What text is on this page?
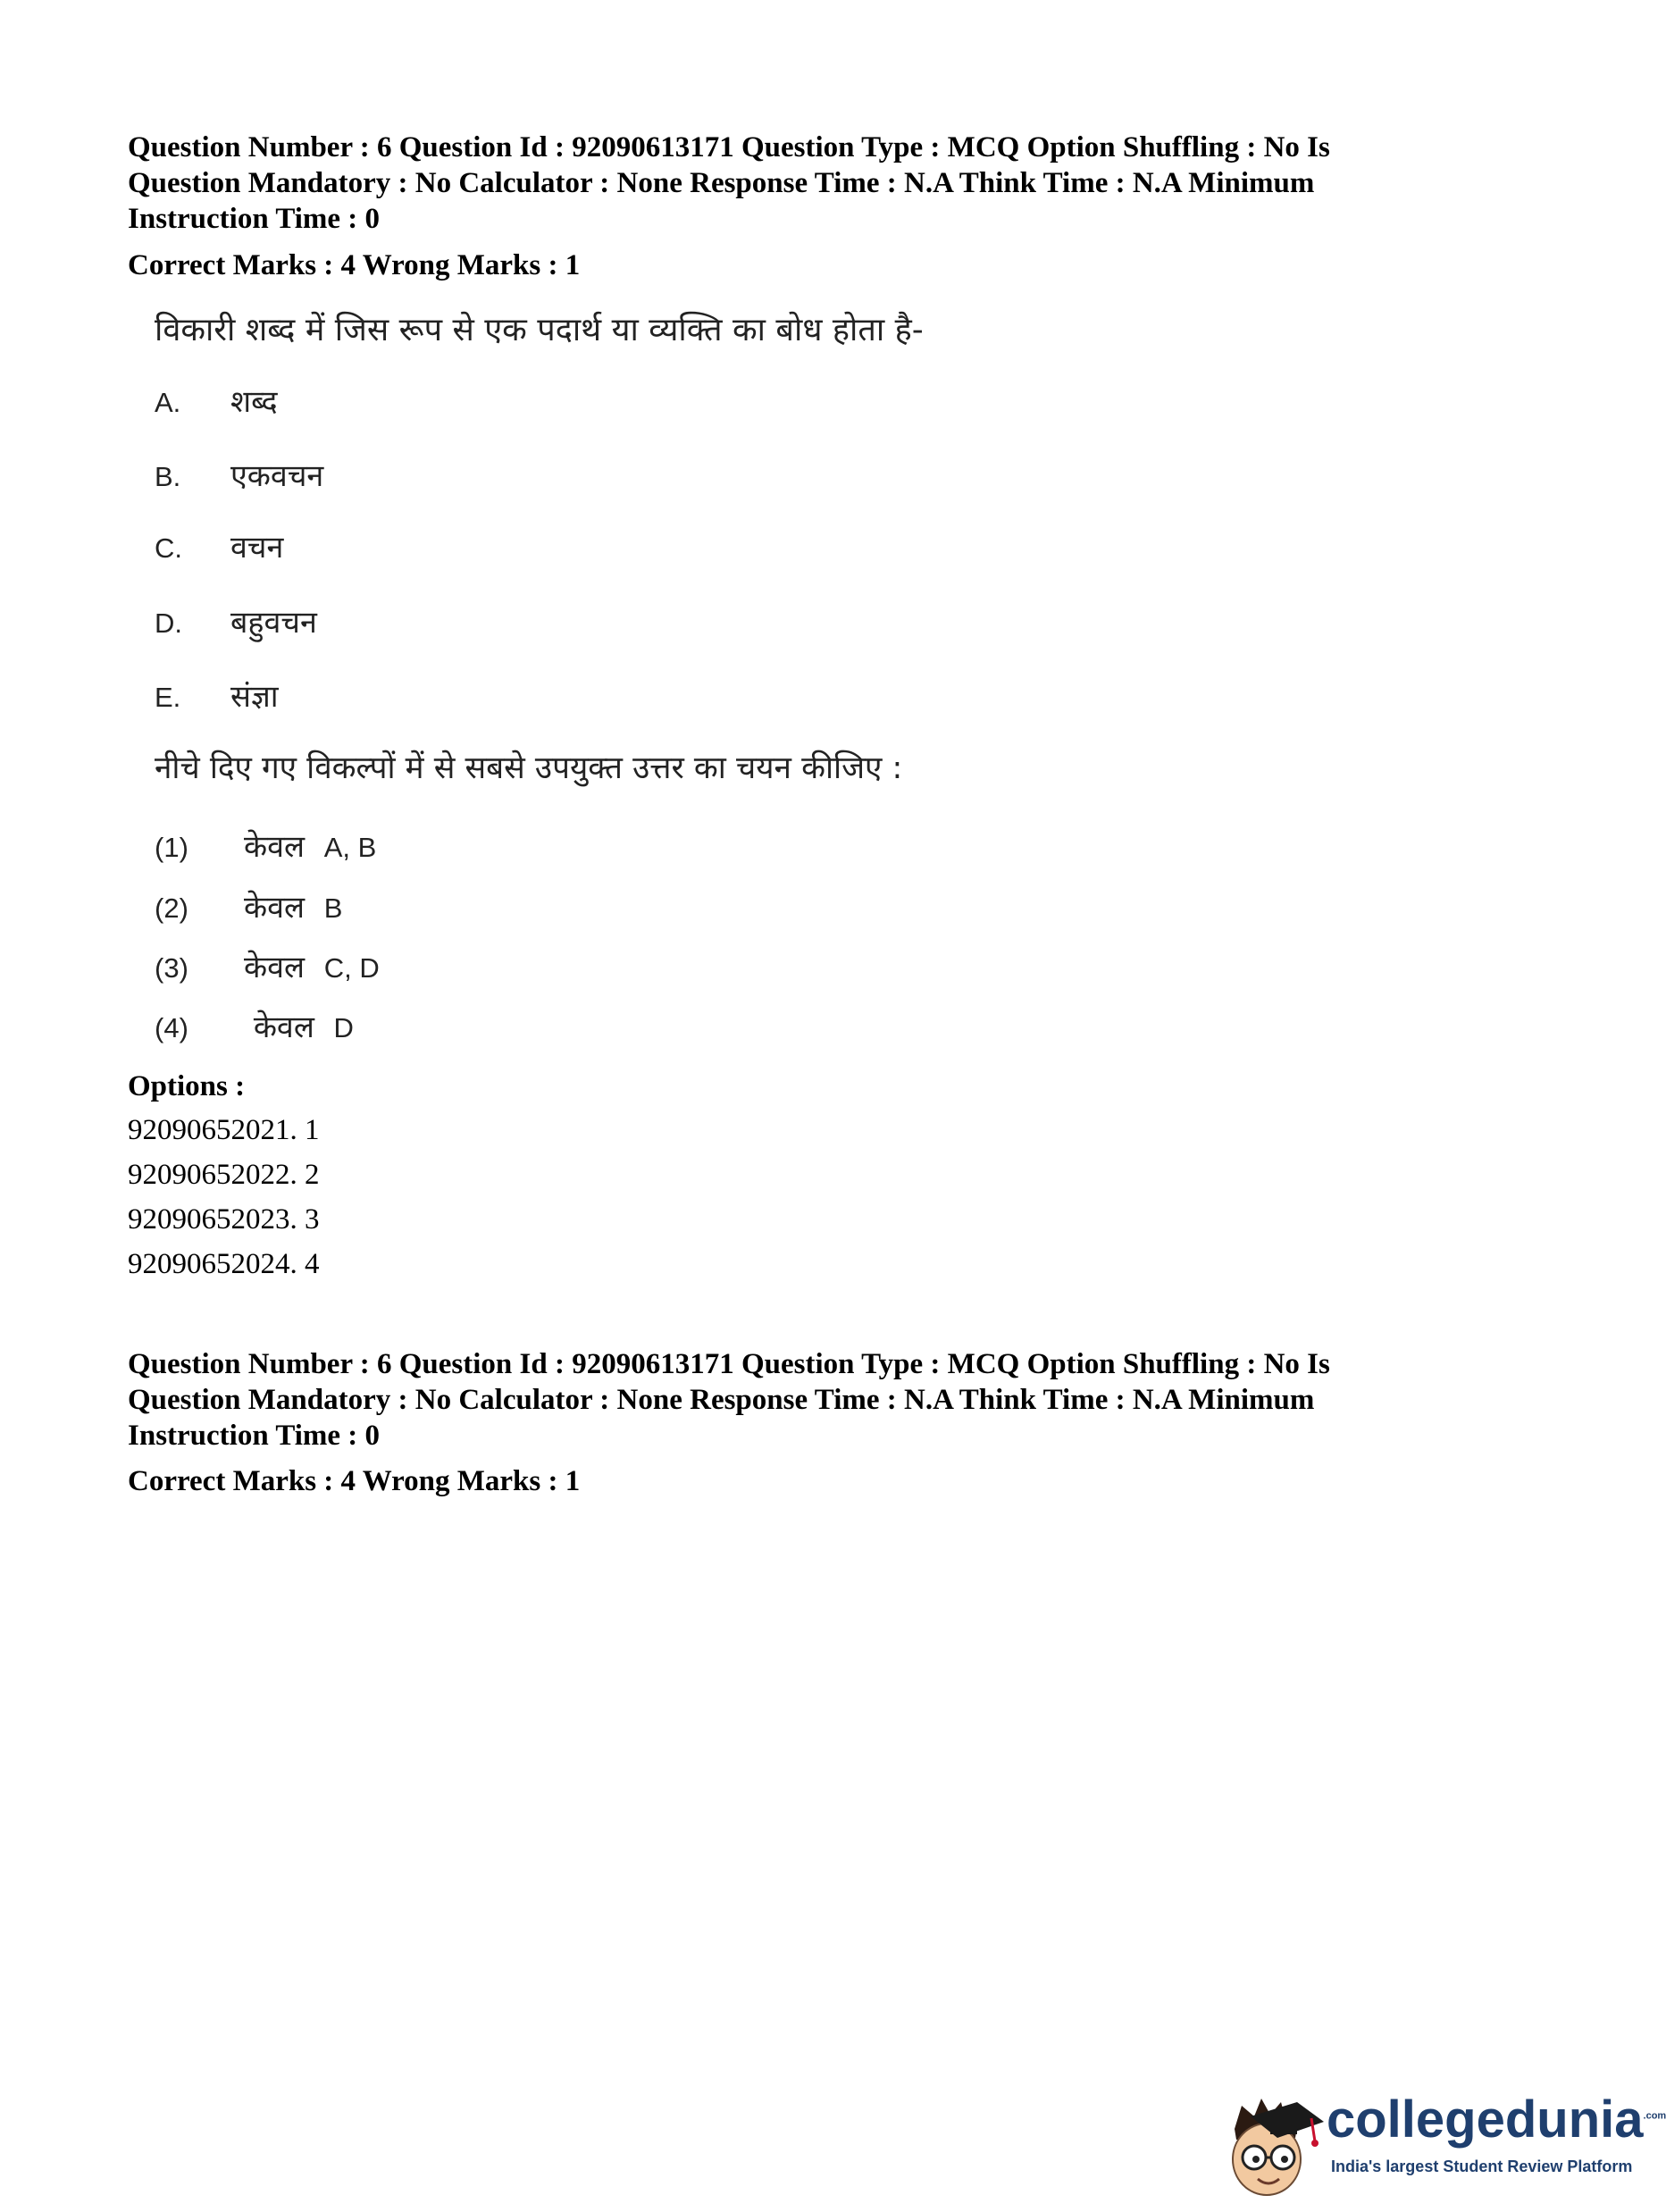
Question Number : 6 Question Id : 92090613171 Question Type : MCQ Option Shuffling : No Is
Question Mandatory : No Calculator : None Response Time : N.A Think Time : N.A Minimum
Instruction Time : 0
Correct Marks : 4 Wrong Marks : 1
विकारी शब्द में जिस रूप से एक पदार्थ या व्यक्ति का बोध होता है-
A. शब्द
B. एकवचन
C. वचन
D. बहुवचन
E. संज्ञा
नीचे दिए गए विकल्पों में से सबसे उपयुक्त उत्तर का चयन कीजिए :
(1) केवल A, B
(2) केवल B
(3) केवल C, D
(4) केवल D
Options :
92090652021. 1
92090652022. 2
92090652023. 3
92090652024. 4
Question Number : 6 Question Id : 92090613171 Question Type : MCQ Option Shuffling : No Is
Question Mandatory : No Calculator : None Response Time : N.A Think Time : N.A Minimum
Instruction Time : 0
Correct Marks : 4 Wrong Marks : 1
collegedunia$^{.com}$
India's largest Student Review Platform
